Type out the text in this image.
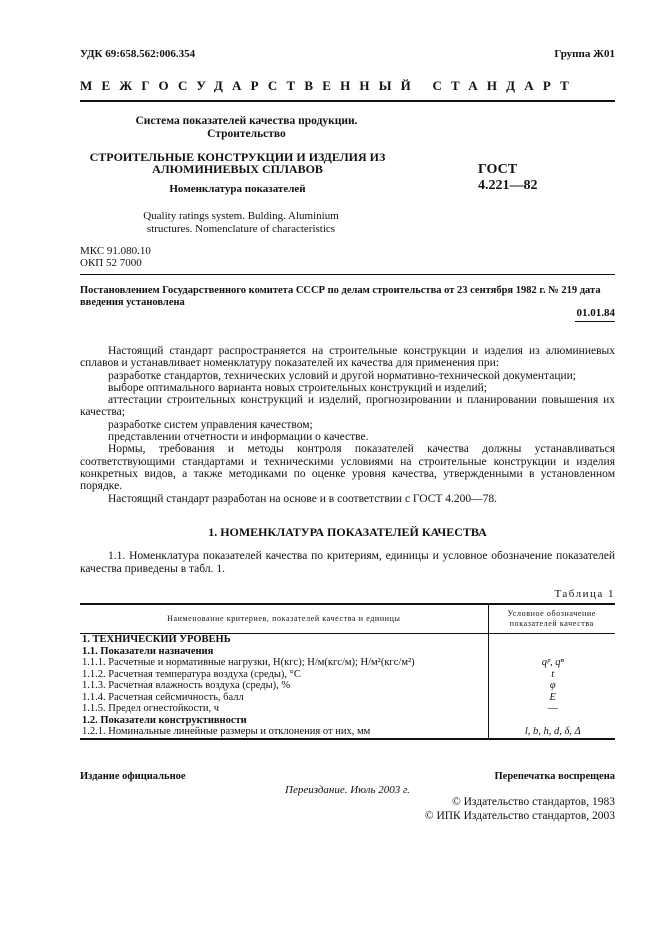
УДК 69:658.562:006.354	Группа Ж01
МЕЖГОСУДАРСТВЕННЫЙ СТАНДАРТ
Система показателей качества продукции.
Строительство
СТРОИТЕЛЬНЫЕ КОНСТРУКЦИИ И ИЗДЕЛИЯ ИЗ
АЛЮМИНИЕВЫХ СПЛАВОВ
Номенклатура показателей
ГОСТ
4.221—82
Quality ratings system. Bulding. Aluminium
structures. Nomenclature of characteristics
МКС 91.080.10
ОКП 52 7000
Постановлением Государственного комитета СССР по делам строительства от 23 сентября 1982 г. № 219 дата введения установлена
01.01.84

Настоящий стандарт распространяется на строительные конструкции и изделия из алюминиевых сплавов и устанавливает номенклатуру показателей их качества для применения при:

разработке стандартов, технических условий и другой нормативно-технической документации;

выборе оптимального варианта новых строительных конструкций и изделий;

аттестации строительных конструкций и изделий, прогнозировании и планировании повышения их качества;

разработке систем управления качеством;

представлении отчетности и информации о качестве.

Нормы, требования и методы контроля показателей качества должны устанавливаться соответствующими стандартами и техническими условиями на строительные конструкции и изделия конкретных видов, а также методиками по оценке уровня качества, утвержденными в установленном порядке.

Настоящий стандарт разработан на основе и в соответствии с ГОСТ 4.200—78.

1. НОМЕНКЛАТУРА ПОКАЗАТЕЛЕЙ КАЧЕСТВА
1.1. Номенклатура показателей качества по критериям, единицы и условное обозначение показателей качества приведены в табл. 1.
Таблица 1
Наименование критериев, показателей качества и единицы	Условное обозначение
показателей качества

1. ТЕХНИЧЕСКИЙ УРОВЕНЬ	
1.1. Показатели назначения	
1.1.1. Расчетные и нормативные нагрузки, Н(кгс); Н/м(кгс/м); Н/м²(кгс/м²)	qᵖ, qⁿ
1.1.2. Расчетная температура воздуха (среды), °С	t
1.1.3. Расчетная влажность воздуха (среды), %	φ
1.1.4. Расчетная сейсмичность, балл	E
1.1.5. Предел огнестойкости, ч	—
1.2. Показатели конструктивности	
1.2.1. Номинальные линейные размеры и отклонения от них, мм	l, b, h, d, δ, Δ
Издание официальное	Перепечатка воспрещена
Переиздание. Июль 2003 г.
© Издательство стандартов, 1983
© ИПК Издательство стандартов, 2003
